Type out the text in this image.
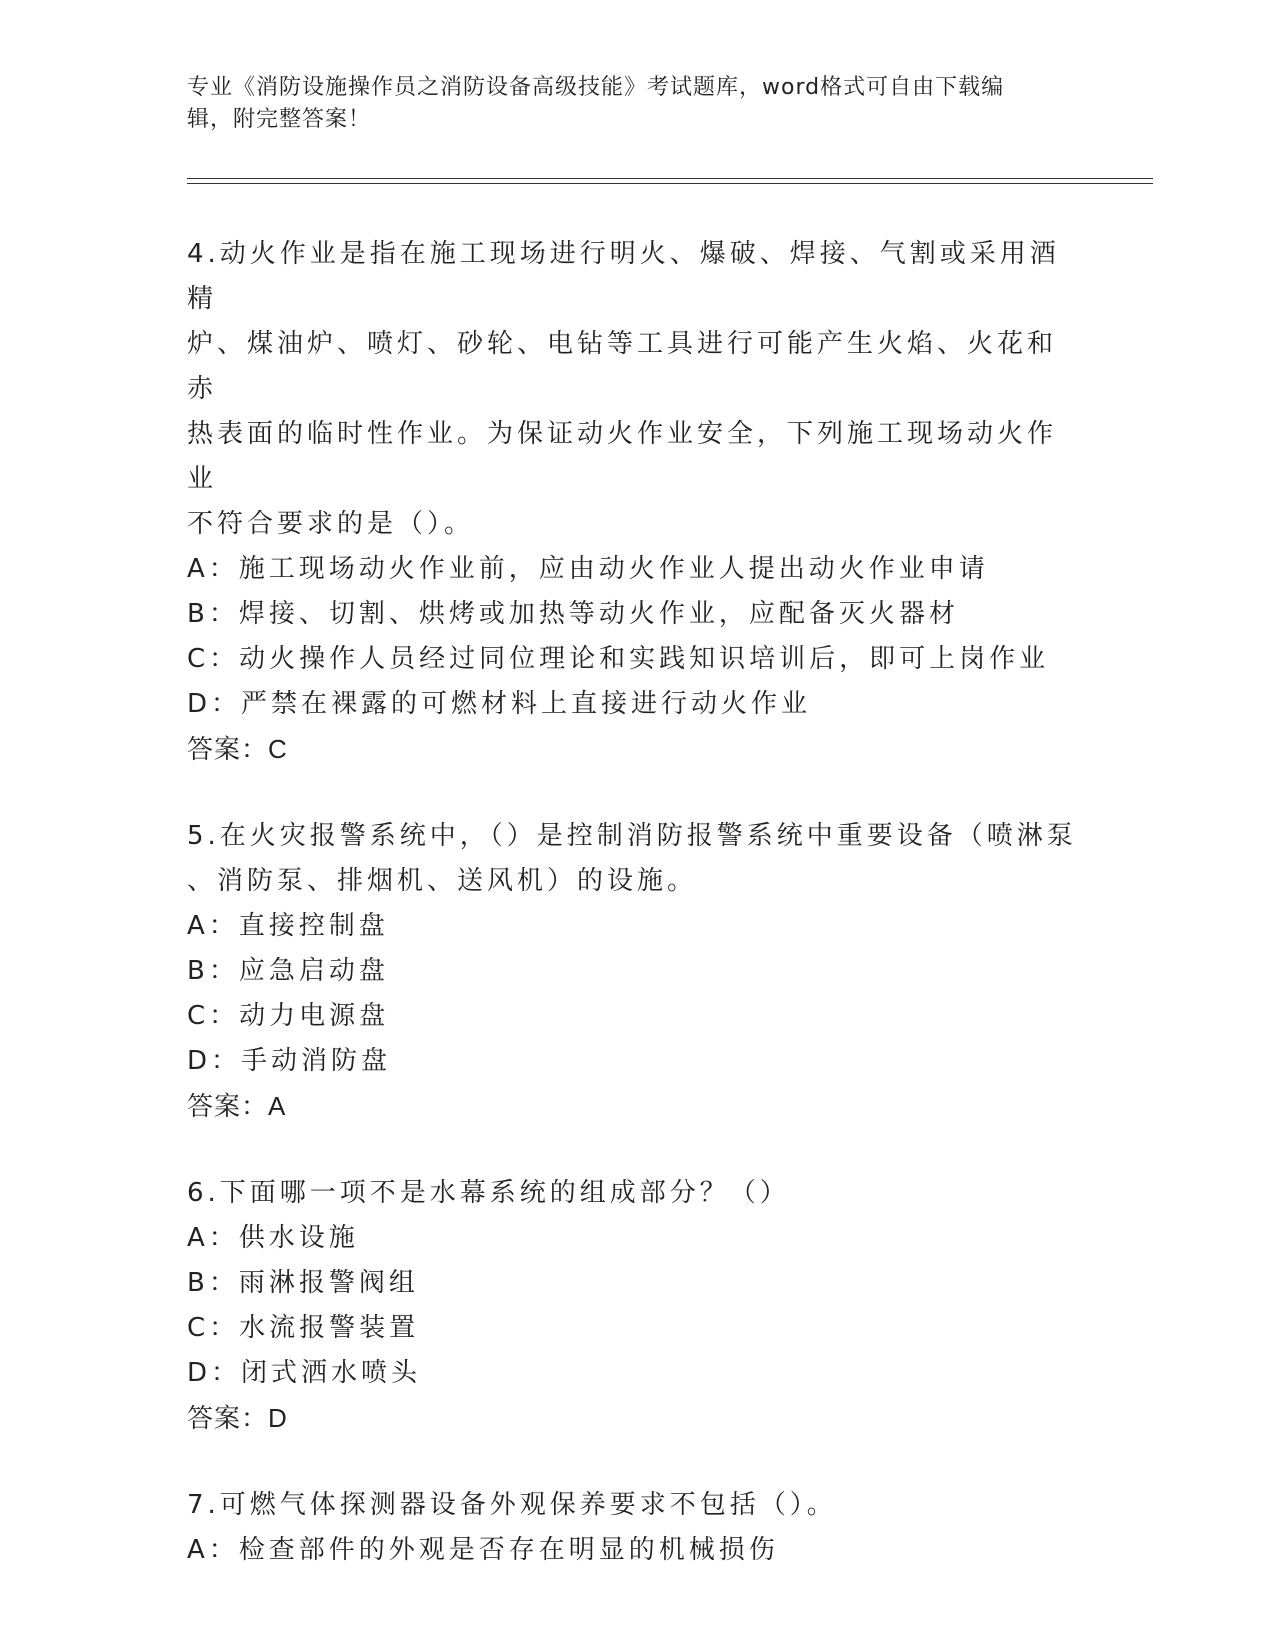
专业《消防设施操作员之消防设备高级技能》考试题库，word格式可自由下载编
辑，附完整答案！
4.动火作业是指在施工现场进行明火、爆破、焊接、气割或采用酒精
炉、煤油炉、喷灯、砂轮、电钻等工具进行可能产生火焰、火花和赤
热表面的临时性作业。为保证动火作业安全，下列施工现场动火作业
不符合要求的是（）。
A：施工现场动火作业前，应由动火作业人提出动火作业申请
B：焊接、切割、烘烤或加热等动火作业，应配备灭火器材
C：动火操作人员经过同位理论和实践知识培训后，即可上岗作业
D：严禁在裸露的可燃材料上直接进行动火作业
答案：C
5.在火灾报警系统中，（）是控制消防报警系统中重要设备（喷淋泵
、消防泵、排烟机、送风机）的设施。
A：直接控制盘
B：应急启动盘
C：动力电源盘
D：手动消防盘
答案：A
6.下面哪一项不是水幕系统的组成部分？（）
A：供水设施
B：雨淋报警阀组
C：水流报警装置
D：闭式洒水喷头
答案：D
7.可燃气体探测器设备外观保养要求不包括（）。
A：检查部件的外观是否存在明显的机械损伤
